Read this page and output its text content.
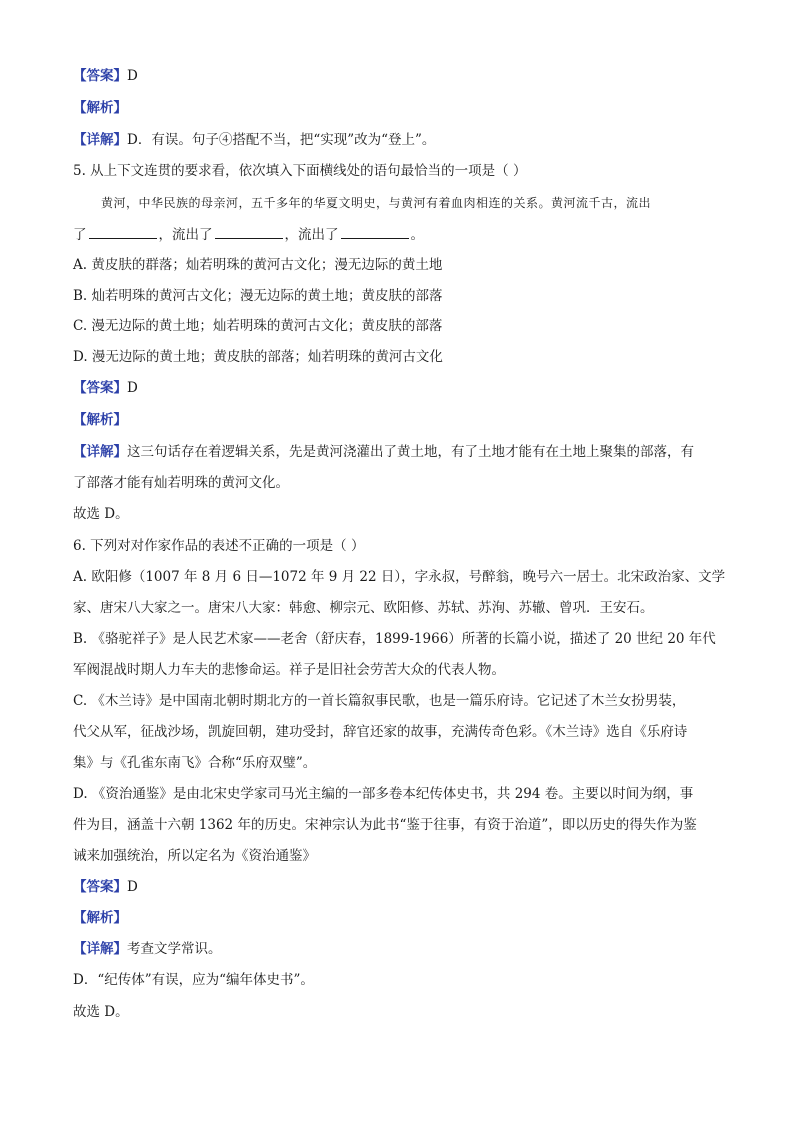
【答案】D
【解析】
【详解】D．有误。句子④搭配不当，把“实现”改为“登上”。
5. 从上下文连贯的要求看，依次填入下面横线处的语句最恰当的一项是（ ）
黄河，中华民族的母亲河，五千多年的华夏文明史，与黄河有着血肉相连的关系。黄河流千古，流出
了	，流出了	，流出了	。
A. 黄皮肤的群落；灿若明珠的黄河古文化；漫无边际的黄土地
B. 灿若明珠的黄河古文化；漫无边际的黄土地；黄皮肤的部落
C. 漫无边际的黄土地；灿若明珠的黄河古文化；黄皮肤的部落
D. 漫无边际的黄土地；黄皮肤的部落；灿若明珠的黄河古文化
【答案】D
【解析】
【详解】这三句话存在着逻辑关系，先是黄河浇灌出了黄土地，有了土地才能有在土地上聚集的部落，有
了部落才能有灿若明珠的黄河文化。
故选 D。
6. 下列对对作家作品的表述不正确的一项是（ ）
A. 欧阳修（1007 年 8 月 6 日—1072 年 9 月 22 日），字永叔，号醉翁，晚号六一居士。北宋政治家、文学
家、唐宋八大家之一。唐宋八大家：韩愈、柳宗元、欧阳修、苏轼、苏洵、苏辙、曾巩．王安石。
B. 《骆驼祥子》是人民艺术家——老舍（舒庆春，1899-1966）所著的长篇小说，描述了 20 世纪 20 年代
军阀混战时期人力车夫的悲惨命运。祥子是旧社会劳苦大众的代表人物。
C. 《木兰诗》是中国南北朝时期北方的一首长篇叙事民歌，也是一篇乐府诗。它记述了木兰女扮男装，
代父从军，征战沙场，凯旋回朝，建功受封，辞官还家的故事，充满传奇色彩。《木兰诗》选自《乐府诗
集》与《孔雀东南飞》合称“乐府双璧”。
D. 《资治通鉴》是由北宋史学家司马光主编的一部多卷本纪传体史书，共 294 卷。主要以时间为纲，事
件为目，涵盖十六朝 1362 年的历史。宋神宗认为此书“鉴于往事，有资于治道”，即以历史的得失作为鉴
诫来加强统治，所以定名为《资治通鉴》
【答案】D
【解析】
【详解】考查文学常识。
D．“纪传体”有误，应为“编年体史书”。
故选 D。
